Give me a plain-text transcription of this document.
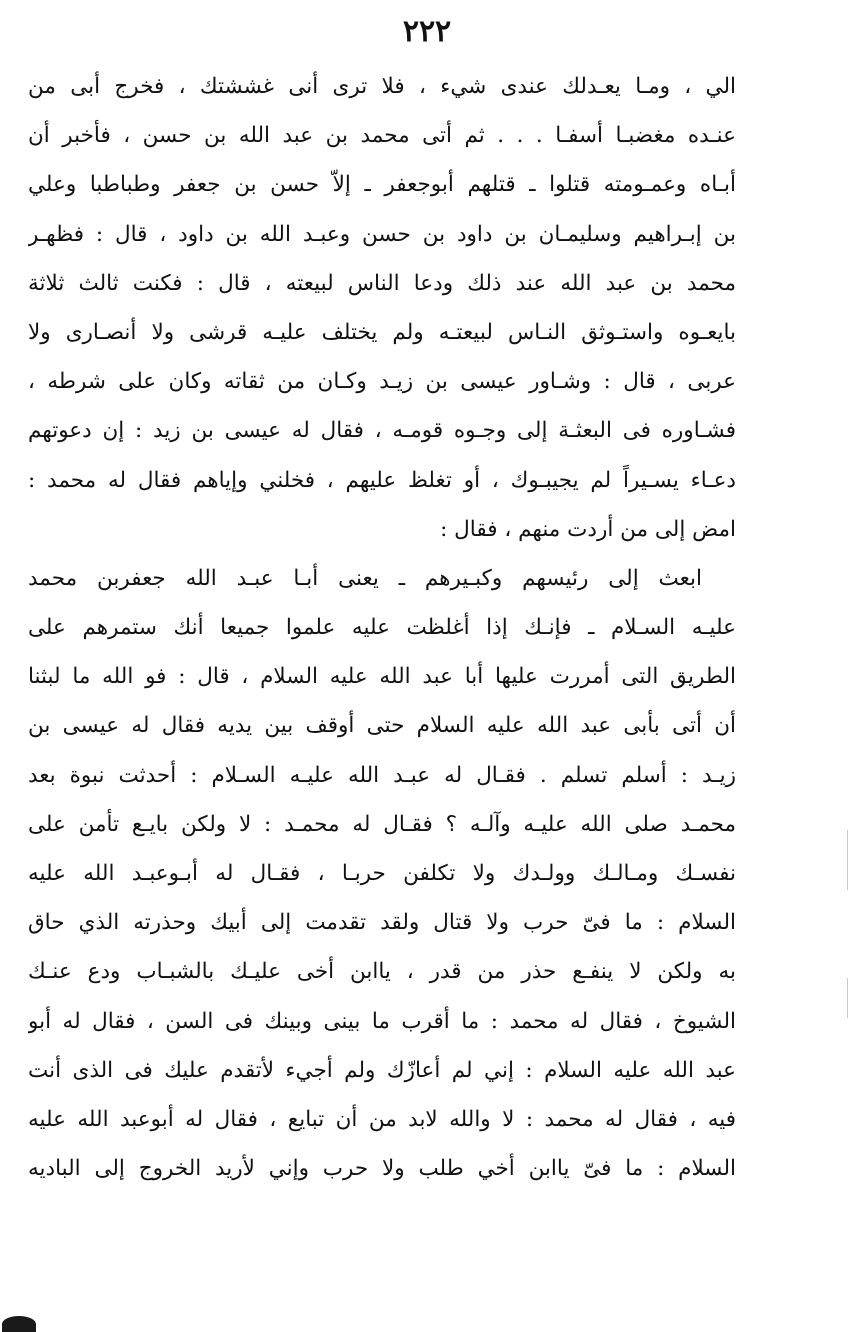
٢٢٢
الي ، ومـا يعـدلك عندى شيء ، فلا ترى أنى غششتك ، فخرج أبى من
عنـده مغضبـا أسفـا . . . ثم أتى محمد بن عبد الله بن حسن ، فأخبر أن
أبـاه وعمـومته قتلوا ـ قتلهم أبوجعفر ـ إلاّ حسن بن جعفر وطباطبا وعلي
بن إبـراهيم وسليمـان بن داود بن حسن وعبـد الله بن داود ، قال : فظهـر
محمد بن عبد الله عند ذلك ودعا الناس لبيعته ، قال : فكنت ثالث ثلاثة
بايعـوه واستـوثق النـاس لبيعتـه ولم يختلف عليـه قرشى ولا أنصـارى ولا
عربى ، قال : وشـاور عيسى بن زيـد وكـان من ثقاته وكان على شرطه ،
فشـاوره فى البعثـة إلى وجـوه قومـه ، فقال له عيسى بن زيد : إن دعوتهم
دعـاء يسـيراً لم يجيبـوك ، أو تغلظ عليهم ، فخلني وإياهم فقال له محمد :
امض إلى من أردت منهم ، فقال :
ابعث إلى رئيسهم وكبـيرهم ـ يعنى أبـا عبـد الله جعفربن محمد
عليـه السـلام ـ فإنـك إذا أغلظت عليه علموا جميعا أنك ستمرهم على
الطريق التى أمررت عليها أبا عبد الله عليه السلام ، قال : فو الله ما لبثنا
أن أتى بأبى عبد الله عليه السلام حتى أوقف بين يديه فقال له عيسى بن
زيـد : أسلم تسلم . فقـال له عبـد الله عليـه السـلام : أحدثت نبوة بعد
محمـد صلى الله عليـه وآلـه ؟ فقـال له محمـد : لا ولكن بايـع تأمن على
نفسـك ومـالـك وولـدك ولا تكلفن حربـا ، فقـال له أبـوعبـد الله عليه
السلام : ما فىّ حرب ولا قتال ولقد تقدمت إلى أبيك وحذرته الذي حاق
به ولكن لا ينفـع حذر من قدر ، ياابن أخى عليـك بالشبـاب ودع عنـك
الشيوخ ، فقال له محمد : ما أقرب ما بينى وبينك فى السن ، فقال له أبو
عبد الله عليه السلام : إني لم أعازّك ولم أجيء لأتقدم عليك فى الذى أنت
فيه ، فقال له محمد : لا والله لابد من أن تبايع ، فقال له أبوعبد الله عليه
السلام : ما فىّ ياابن أخي طلب ولا حرب وإني لأريد الخروج إلى الباديه
